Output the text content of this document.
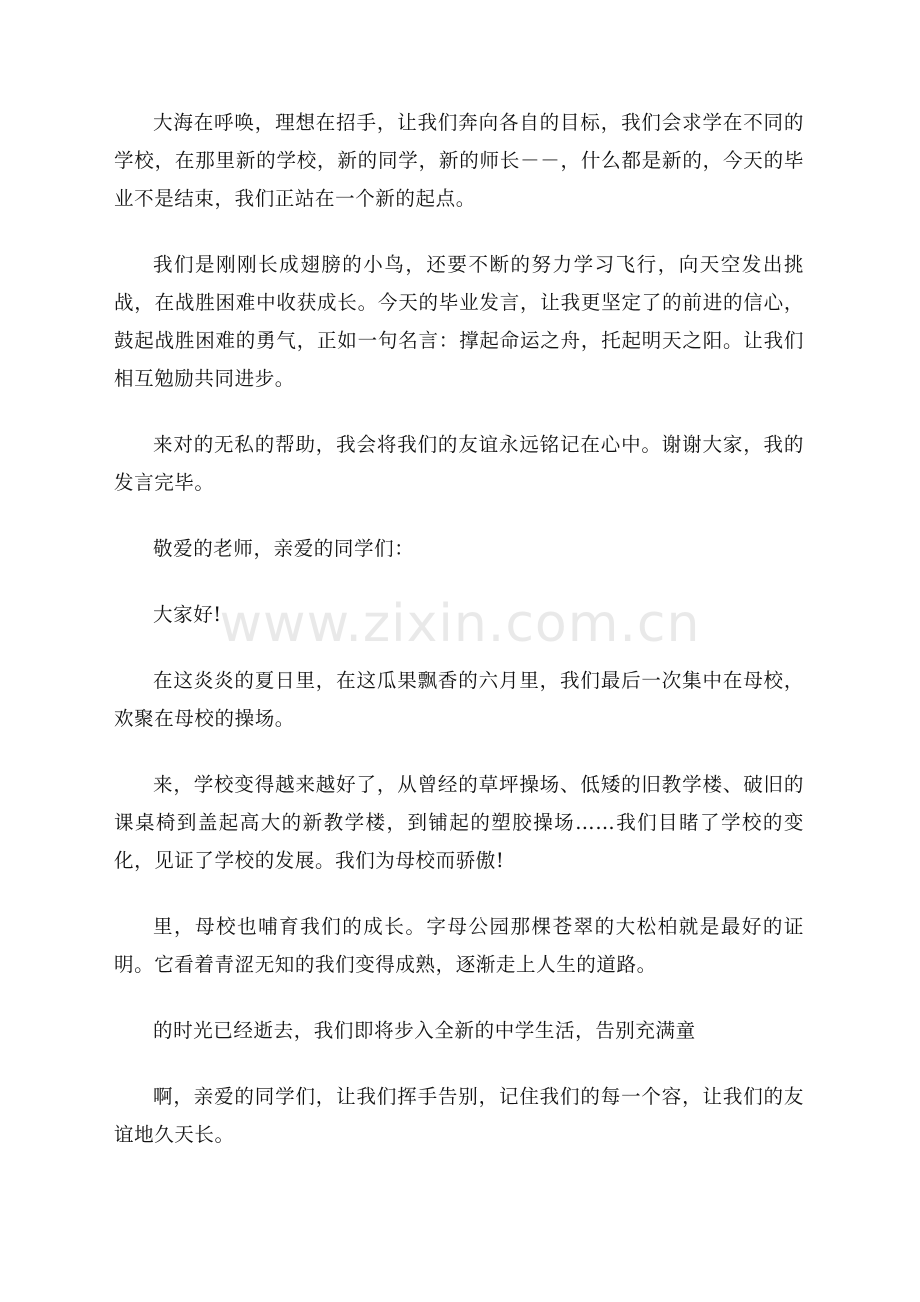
大海在呼唤，理想在招手，让我们奔向各自的目标，我们会求学在不同的学校，在那里新的学校，新的同学，新的师长－－，什么都是新的，今天的毕业不是结束，我们正站在一个新的起点。

我们是刚刚长成翅膀的小鸟，还要不断的努力学习飞行，向天空发出挑战，在战胜困难中收获成长。今天的毕业发言，让我更坚定了的前进的信心，鼓起战胜困难的勇气，正如一句名言：撑起命运之舟，托起明天之阳。让我们相互勉励共同进步。

来对的无私的帮助，我会将我们的友谊永远铭记在心中。谢谢大家，我的发言完毕。

敬爱的老师，亲爱的同学们：

大家好!

在这炎炎的夏日里，在这瓜果飘香的六月里，我们最后一次集中在母校，欢聚在母校的操场。

来，学校变得越来越好了，从曾经的草坪操场、低矮的旧教学楼、破旧的课桌椅到盖起高大的新教学楼，到铺起的塑胶操场……我们目睹了学校的变化，见证了学校的发展。我们为母校而骄傲!

里，母校也哺育我们的成长。字母公园那棵苍翠的大松柏就是最好的证明。它看着青涩无知的我们变得成熟，逐渐走上人生的道路。

的时光已经逝去，我们即将步入全新的中学生活，告别充满童

啊，亲爱的同学们，让我们挥手告别，记住我们的每一个容，让我们的友谊地久天长。

www.zixin.com.cn
